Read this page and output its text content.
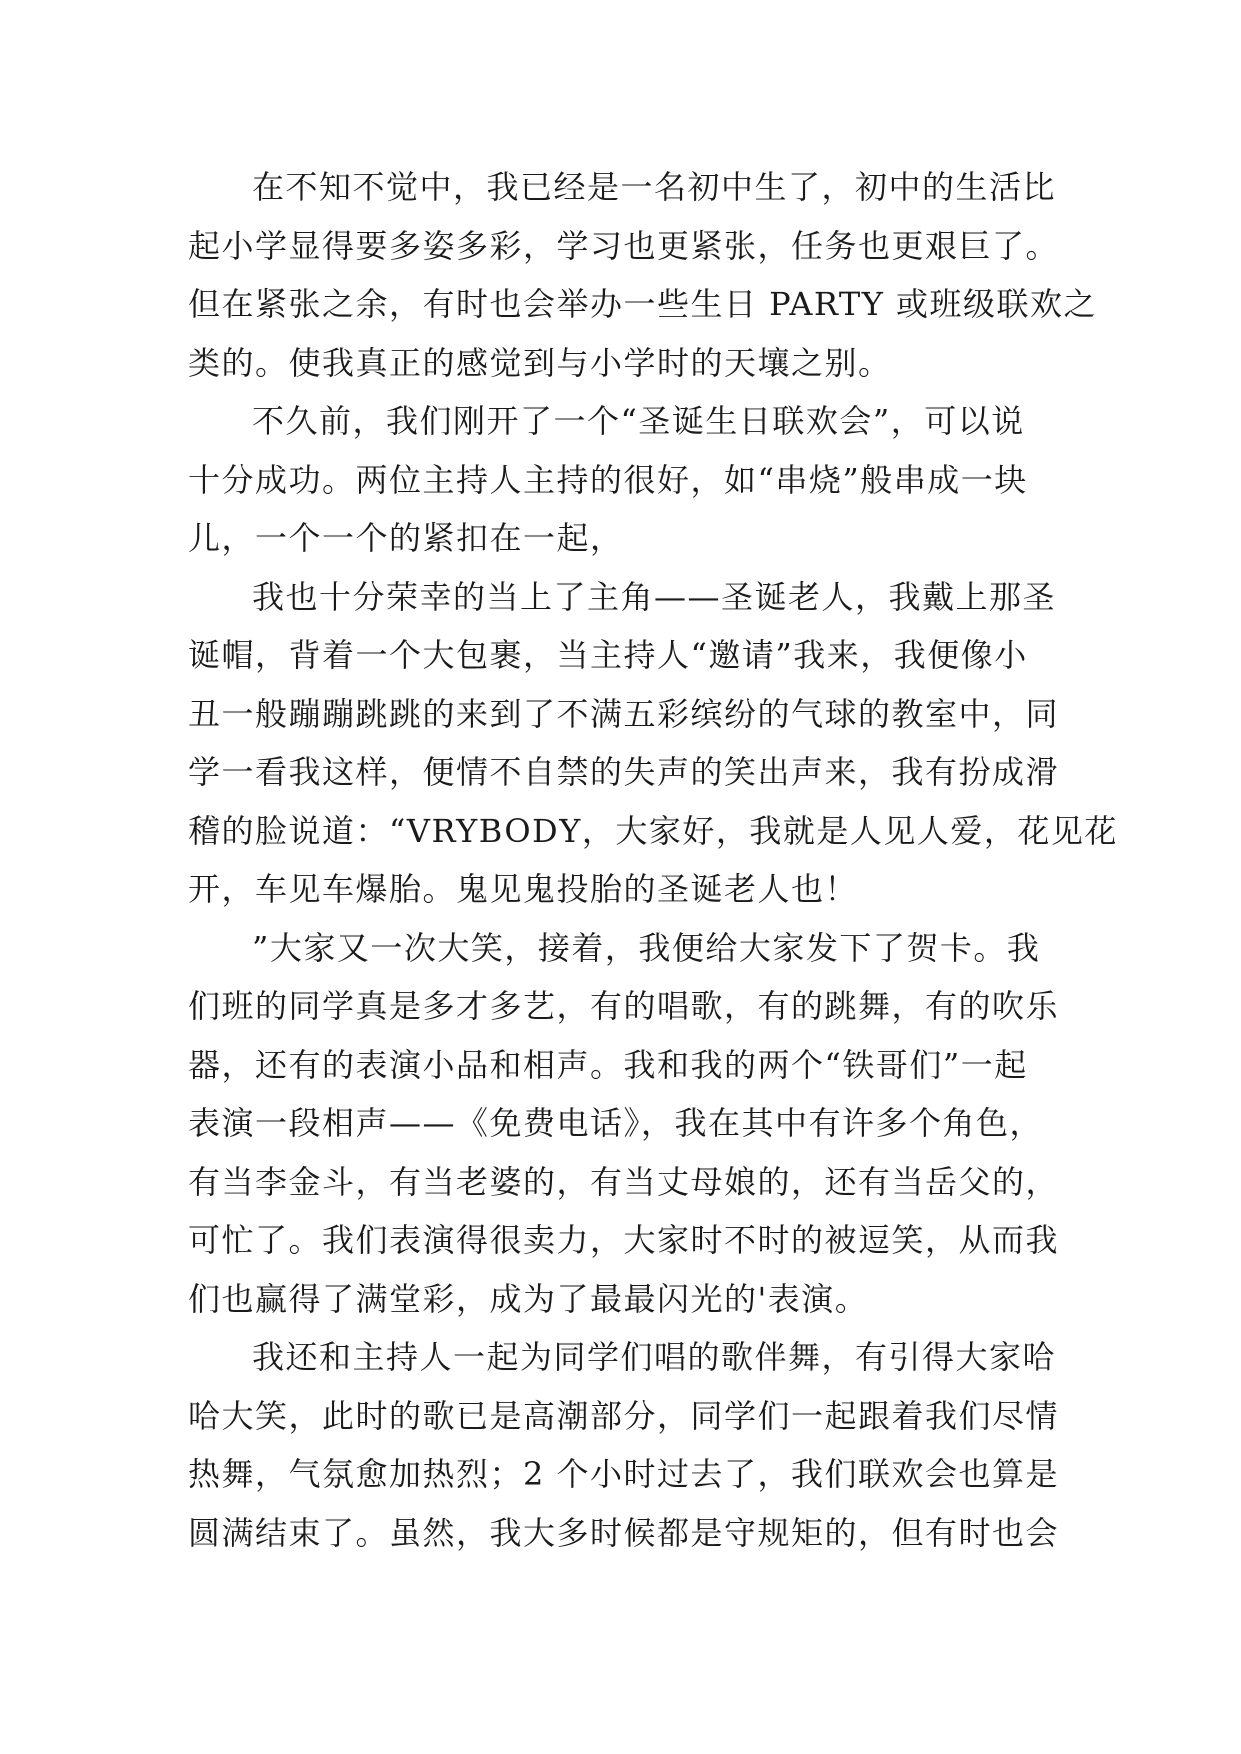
在不知不觉中，我已经是一名初中生了，初中的生活比
起小学显得要多姿多彩，学习也更紧张，任务也更艰巨了。
但在紧张之余，有时也会举办一些生日 PARTY 或班级联欢之
类的。使我真正的感觉到与小学时的天壤之别。
不久前，我们刚开了一个“圣诞生日联欢会”，可以说
十分成功。两位主持人主持的很好，如“串烧”般串成一块
儿，一个一个的紧扣在一起，
我也十分荣幸的当上了主角——圣诞老人，我戴上那圣
诞帽，背着一个大包裹，当主持人“邀请”我来，我便像小
丑一般蹦蹦跳跳的来到了不满五彩缤纷的气球的教室中，同
学一看我这样，便情不自禁的失声的笑出声来，我有扮成滑
稽的脸说道：“VRYBODY，大家好，我就是人见人爱，花见花
开，车见车爆胎。鬼见鬼投胎的圣诞老人也！
”大家又一次大笑，接着，我便给大家发下了贺卡。我
们班的同学真是多才多艺，有的唱歌，有的跳舞，有的吹乐
器，还有的表演小品和相声。我和我的两个“铁哥们”一起
表演一段相声——《免费电话》，我在其中有许多个角色，
有当李金斗，有当老婆的，有当丈母娘的，还有当岳父的，
可忙了。我们表演得很卖力，大家时不时的被逗笑，从而我
们也赢得了满堂彩，成为了最最闪光的'表演。
我还和主持人一起为同学们唱的歌伴舞，有引得大家哈
哈大笑，此时的歌已是高潮部分，同学们一起跟着我们尽情
热舞，气氛愈加热烈；2 个小时过去了，我们联欢会也算是
圆满结束了。虽然，我大多时候都是守规矩的，但有时也会
